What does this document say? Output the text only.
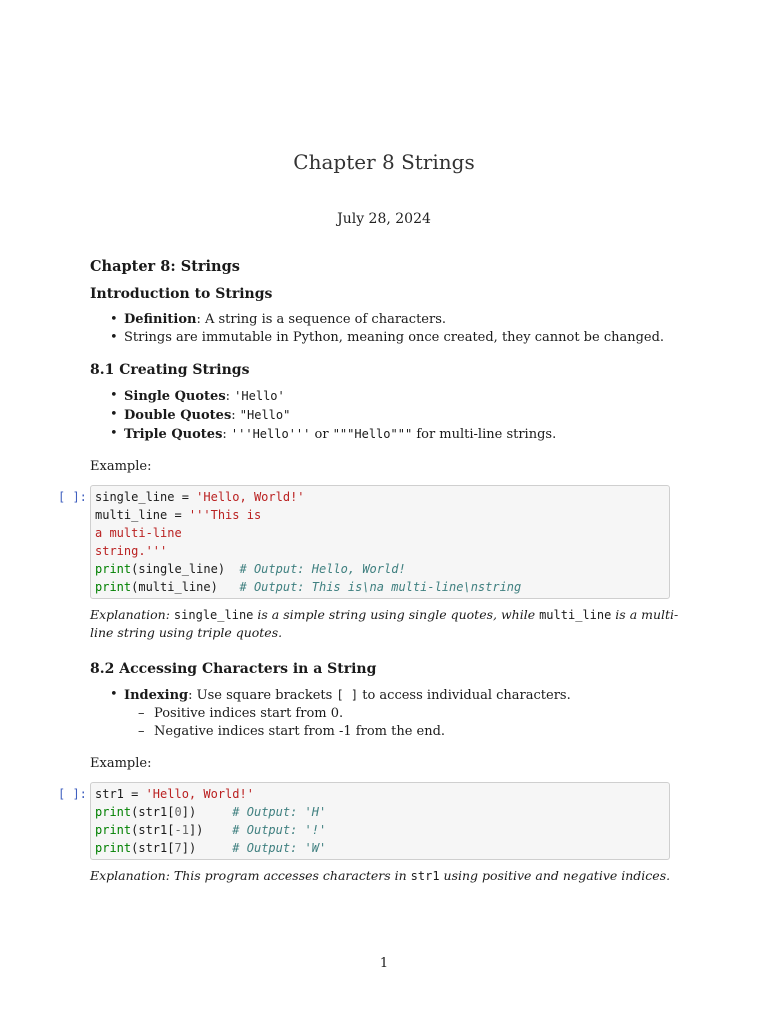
Chapter 8 Strings
July 28, 2024
Chapter 8: Strings
Introduction to Strings
• Definition: A string is a sequence of characters.
• Strings are immutable in Python, meaning once created, they cannot be changed.
8.1 Creating Strings
• Single Quotes: 'Hello'
• Double Quotes: "Hello"
• Triple Quotes: '''Hello''' or """Hello""" for multi-line strings.

Example:

[ ]: single_line = 'Hello, World!'
multi_line = '''This is
a multi-line
string.'''
print(single_line)  # Output: Hello, World!
print(multi_line)   # Output: This is\na multi-line\nstring

Explanation: single_line is a simple string using single quotes, while multi_line is a multi-line string using triple quotes.

8.2 Accessing Characters in a String
• Indexing: Use square brackets [ ] to access individual characters.
– Positive indices start from 0.
– Negative indices start from -1 from the end.

Example:

[ ]: str1 = 'Hello, World!'
print(str1[0])     # Output: 'H'
print(str1[-1])    # Output: '!'
print(str1[7])     # Output: 'W'

Explanation: This program accesses characters in str1 using positive and negative indices.

1
